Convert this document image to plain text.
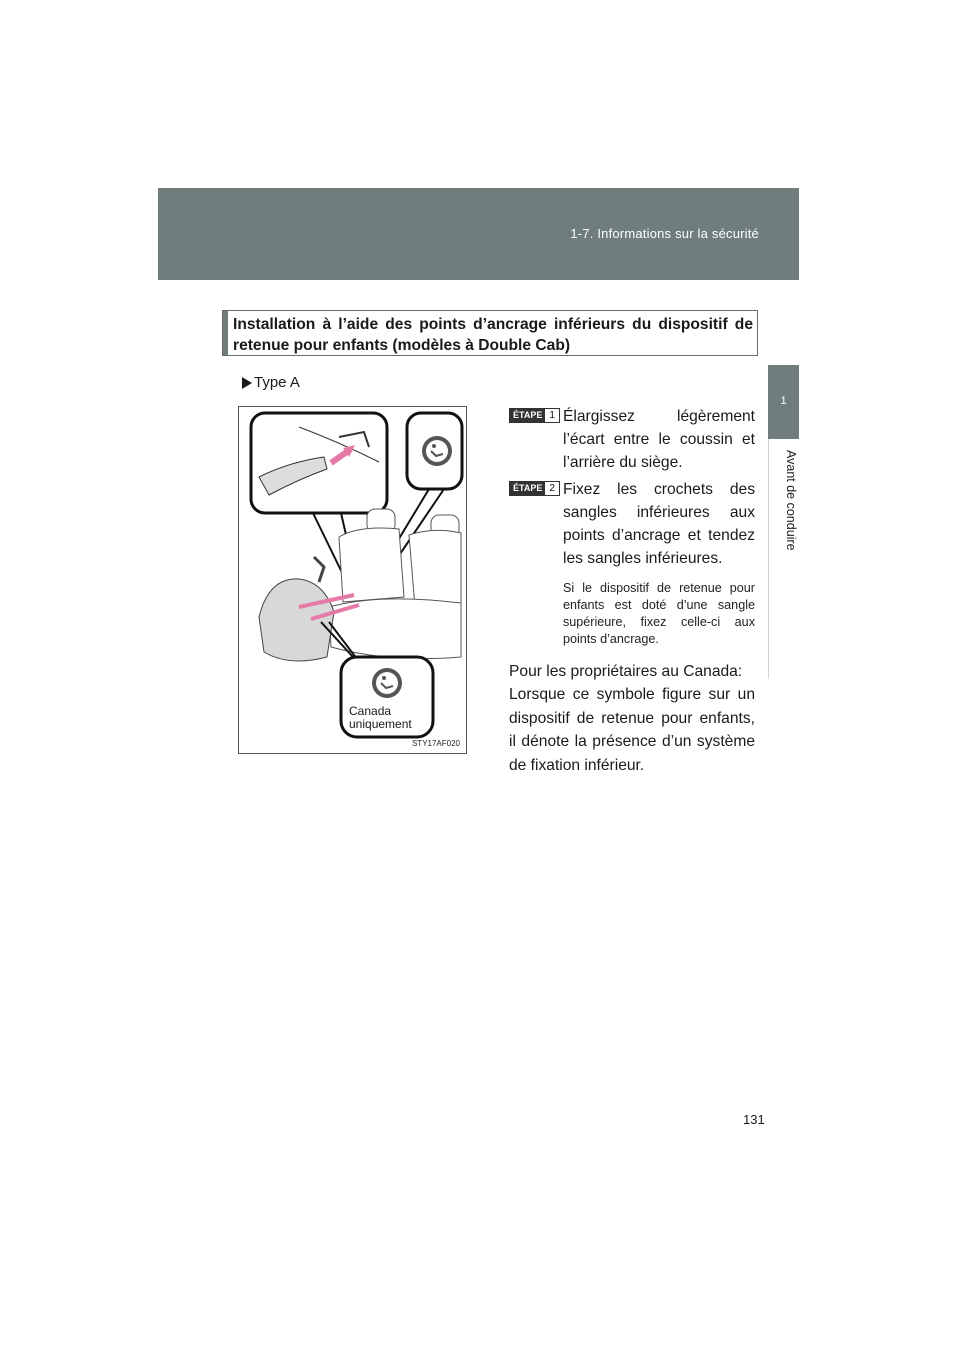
1-7. Informations sur la sécurité
1
Avant de conduire
Installation à l’aide des points d’ancrage inférieurs du dispositif de retenue pour enfants (modèles à Double Cab)
Type A
Canada
uniquement
STY17AF020
ÉTAPE 1 Élargissez légèrement l’écart entre le coussin et l’arrière du siège.
ÉTAPE 2 Fixez les crochets des sangles inférieures aux points d’ancrage et tendez les sangles inférieures.
Si le dispositif de retenue pour enfants est doté d’une sangle supérieure, fixez celle-ci aux points d’ancrage.
Pour les propriétaires au Canada:
Lorsque ce symbole figure sur un dispositif de retenue pour enfants, il dénote la présence d’un système de fixation inférieur.
131
